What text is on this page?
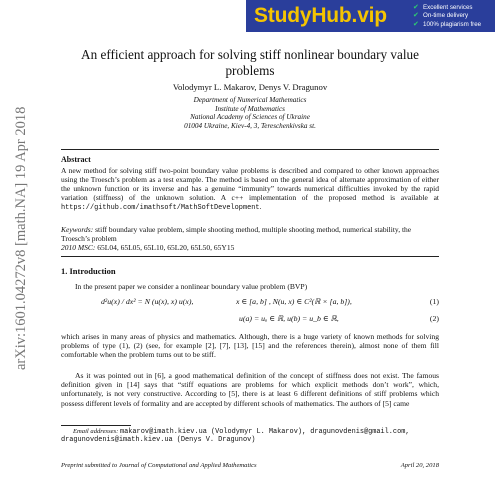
StudyHub.vip	✔ Excellent services
✔ On-time delivery
✔ 100% plagiarism free
arXiv:1601.04272v8 [math.NA] 19 Apr 2018
An efficient approach for solving stiff nonlinear boundary value
problems
Volodymyr L. Makarov, Denys V. Dragunov
Department of Numerical Mathematics
Institute of Mathematics
National Academy of Sciences of Ukraine
01004 Ukraine, Kiev-4, 3, Tereschenkivska st.
Abstract
A new method for solving stiff two-point boundary value problems is described and compared to other known approaches using the Troesch’s problem as a test example. The method is based on the general idea of alternate approximation of either the unknown function or its inverse and has a genuine “immunity” towards numerical difficulties invoked by the rapid variation (stiffness) of the unknown solution. A c++ implementation of the proposed method is available at https://github.com/imathsoft/MathSoftDevelopment.
Keywords: stiff boundary value problem, simple shooting method, multiple shooting method, numerical stability, the Troesch’s problem
2010 MSC: 65L04, 65L05, 65L10, 65L20, 65L50, 65Y15
1. Introduction
In the present paper we consider a nonlinear boundary value problem (BVP)
d²u(x) / dx² = N (u(x), x) u(x),	x ∈ [a, b] , N(u, x) ∈ C²(ℝ × [a, b]),	(1)
u(a) = uₐ ∈ ℝ, u(b) = u_b ∈ ℝ,	(2)
which arises in many areas of physics and mathematics. Although, there is a huge variety of known methods for solving problems of type (1), (2) (see, for example [2], [7], [13], [15] and the references therein), almost none of them fill comfortable when the problem turns out to be stiff.
As it was pointed out in [6], a good mathematical definition of the concept of stiffness does not exist. The famous definition given in [14] says that “stiff equations are problems for which explicit methods don’t work”, which, unfortunately, is not very constructive. According to [5], there is at least 6 different definitions of stiff problems which possess different levels of formality and are accepted by different schools of mathematics. The authors of [5] came
Email addresses: makarov@imath.kiev.ua (Volodymyr L. Makarov), dragunovdenis@gmail.com,
dragunovdenis@imath.kiev.ua (Denys V. Dragunov)
Preprint submitted to Journal of Computational and Applied Mathematics	April 20, 2018
